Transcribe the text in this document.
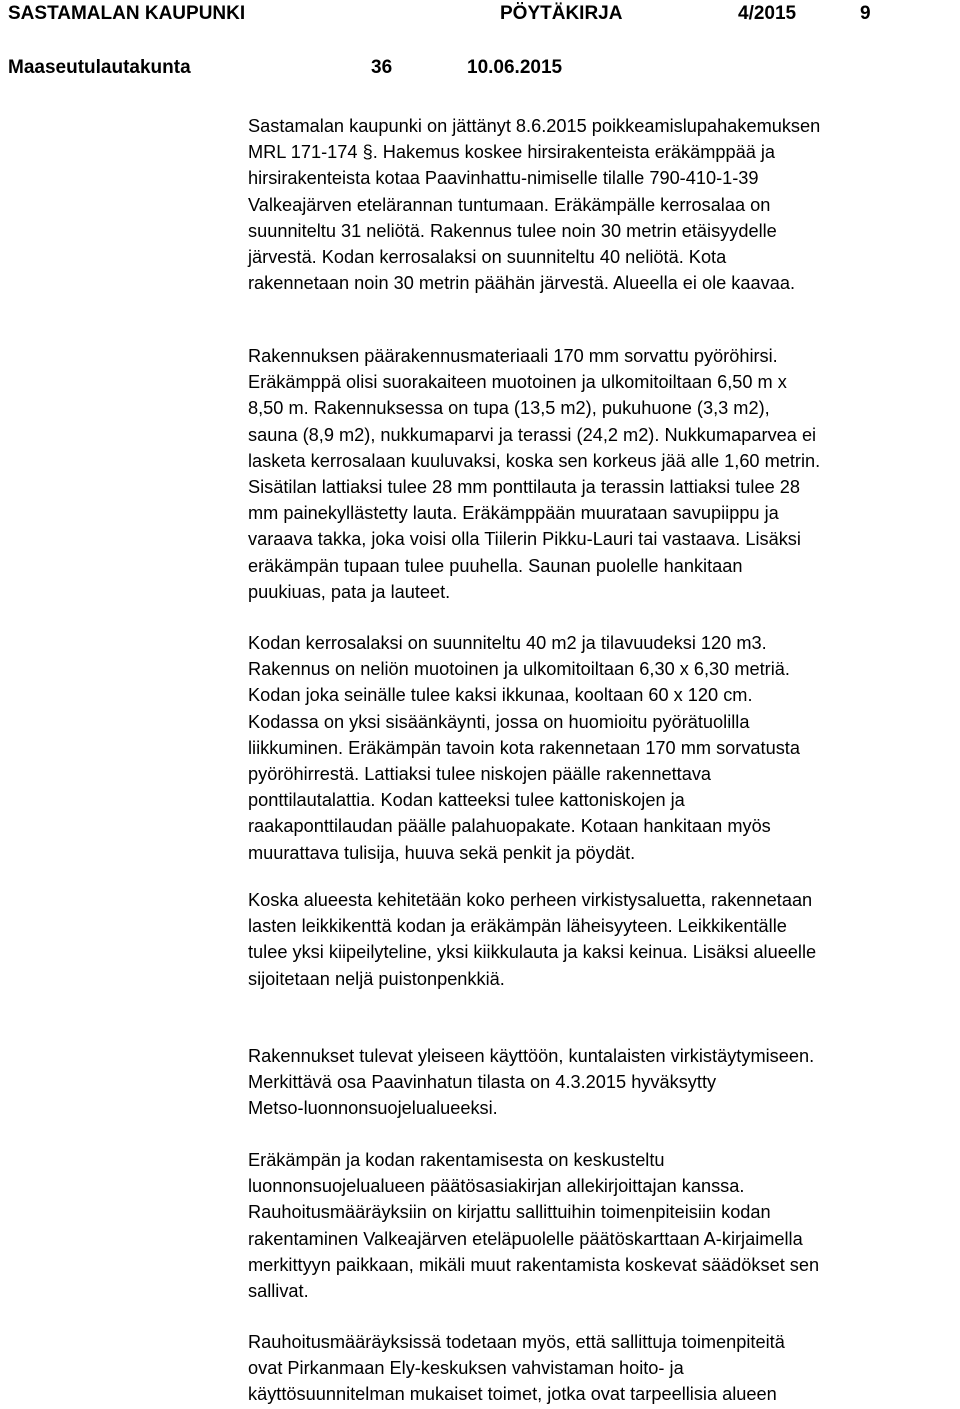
SASTAMALAN KAUPUNKI	PÖYTÄKIRJA	4/2015	9
Maaseutulautakunta	36	10.06.2015
Sastamalan kaupunki on jättänyt 8.6.2015 poikkeamislupahakemuksen
MRL 171-174 §. Hakemus koskee hirsirakenteista eräkämppää ja
hirsirakenteista kotaa Paavinhattu-nimiselle tilalle 790-410-1-39
Valkeajärven etelärannan tuntumaan. Eräkämpälle kerrosalaa on
suunniteltu 31 neliötä. Rakennus tulee noin 30 metrin etäisyydelle
järvestä. Kodan kerrosalaksi on suunniteltu 40 neliötä. Kota
rakennetaan noin 30 metrin päähän järvestä. Alueella ei ole kaavaa.
Rakennuksen päärakennusmateriaali 170 mm sorvattu pyöröhirsi.
Eräkämppä olisi suorakaiteen muotoinen ja ulkomitoiltaan 6,50 m x
8,50 m. Rakennuksessa on tupa (13,5 m2), pukuhuone (3,3 m2),
sauna (8,9 m2), nukkumaparvi ja terassi (24,2 m2). Nukkumaparvea ei
lasketa kerrosalaan kuuluvaksi, koska sen korkeus jää alle 1,60 metrin.
Sisätilan lattiaksi tulee 28 mm ponttilauta ja terassin lattiaksi tulee 28
mm painekyllästetty lauta. Eräkämppään muurataan savupiippu ja
varaava takka, joka voisi olla Tiilerin Pikku-Lauri tai vastaava. Lisäksi
eräkämpän tupaan tulee puuhella. Saunan puolelle hankitaan
puukiuas, pata ja lauteet.
Kodan kerrosalaksi on suunniteltu 40 m2 ja tilavuudeksi 120 m3.
Rakennus on neliön muotoinen ja ulkomitoiltaan 6,30 x 6,30 metriä.
Kodan joka seinälle tulee kaksi ikkunaa, kooltaan 60 x 120 cm.
Kodassa on yksi sisäänkäynti, jossa on huomioitu pyörätuolilla
liikkuminen. Eräkämpän tavoin kota rakennetaan 170 mm sorvatusta
pyöröhirrestä. Lattiaksi tulee niskojen päälle rakennettava
ponttilautalattia. Kodan katteeksi tulee kattoniskojen ja
raakaponttilaudan päälle palahuopakate. Kotaan hankitaan myös
muurattava tulisija, huuva sekä penkit ja pöydät.
Koska alueesta kehitetään koko perheen virkistysaluetta, rakennetaan
lasten leikkikenttä kodan ja eräkämpän läheisyyteen. Leikkikentälle
tulee yksi kiipeilyteline, yksi kiikkulauta ja kaksi keinua. Lisäksi alueelle
sijoitetaan neljä puistonpenkkiä.
Rakennukset tulevat yleiseen käyttöön, kuntalaisten virkistäytymiseen.
Merkittävä osa Paavinhatun tilasta on 4.3.2015 hyväksytty
Metso-luonnonsuojelualueeksi.
Eräkämpän ja kodan rakentamisesta on keskusteltu
luonnonsuojelualueen päätösasiakirjan allekirjoittajan kanssa.
Rauhoitusmääräyksiin on kirjattu sallittuihin toimenpiteisiin kodan
rakentaminen Valkeajärven eteläpuolelle päätöskarttaan A-kirjaimella
merkittyyn paikkaan, mikäli muut rakentamista koskevat säädökset sen
sallivat.
Rauhoitusmääräyksissä todetaan myös, että sallittuja toimenpiteitä
ovat Pirkanmaan Ely-keskuksen vahvistaman hoito- ja
käyttösuunnitelman mukaiset toimet, jotka ovat tarpeellisia alueen
